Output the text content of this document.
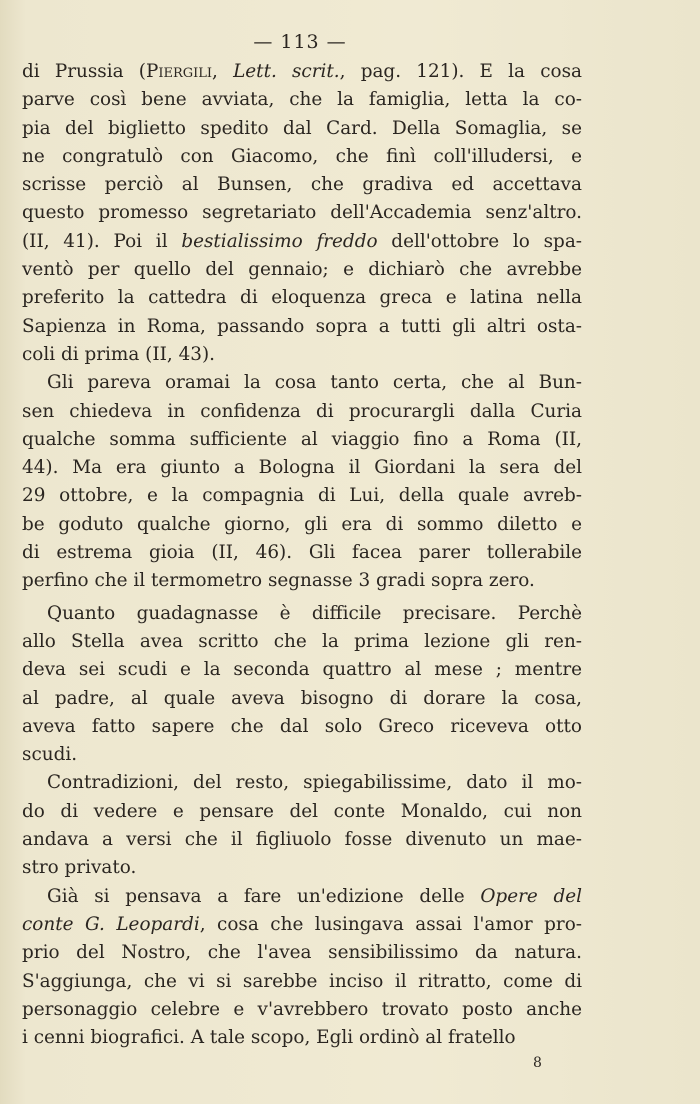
— 113 —

di Prussia (Piergili, Lett. scrit., pag. 121). E la cosa
parve così bene avviata, che la famiglia, letta la co-
pia del biglietto spedito dal Card. Della Somaglia, se
ne congratulò con Giacomo, che finì coll'illudersi, e
scrisse perciò al Bunsen, che gradiva ed accettava
questo promesso segretariato dell'Accademia senz'altro.
(II, 41). Poi il bestialissimo freddo dell'ottobre lo spa-
ventò per quello del gennaio; e dichiarò che avrebbe
preferito la cattedra di eloquenza greca e latina nella
Sapienza in Roma, passando sopra a tutti gli altri osta-
coli di prima (II, 43).

Gli pareva oramai la cosa tanto certa, che al Bun-
sen chiedeva in confidenza di procurargli dalla Curia
qualche somma sufficiente al viaggio fino a Roma (II,
44). Ma era giunto a Bologna il Giordani la sera del
29 ottobre, e la compagnia di Lui, della quale avreb-
be goduto qualche giorno, gli era di sommo diletto e
di estrema gioia (II, 46). Gli facea parer tollerabile
perfino che il termometro segnasse 3 gradi sopra zero.

Quanto guadagnasse è difficile precisare. Perchè
allo Stella avea scritto che la prima lezione gli ren-
deva sei scudi e la seconda quattro al mese ; mentre
al padre, al quale aveva bisogno di dorare la cosa,
aveva fatto sapere che dal solo Greco riceveva otto
scudi.

Contradizioni, del resto, spiegabilissime, dato il mo-
do di vedere e pensare del conte Monaldo, cui non
andava a versi che il figliuolo fosse divenuto un mae-
stro privato.

Già si pensava a fare un'edizione delle Opere del
conte G. Leopardi, cosa che lusingava assai l'amor pro-
prio del Nostro, che l'avea sensibilissimo da natura.
S'aggiunga, che vi si sarebbe inciso il ritratto, come di
personaggio celebre e v'avrebbero trovato posto anche
i cenni biografici. A tale scopo, Egli ordinò al fratello

8
